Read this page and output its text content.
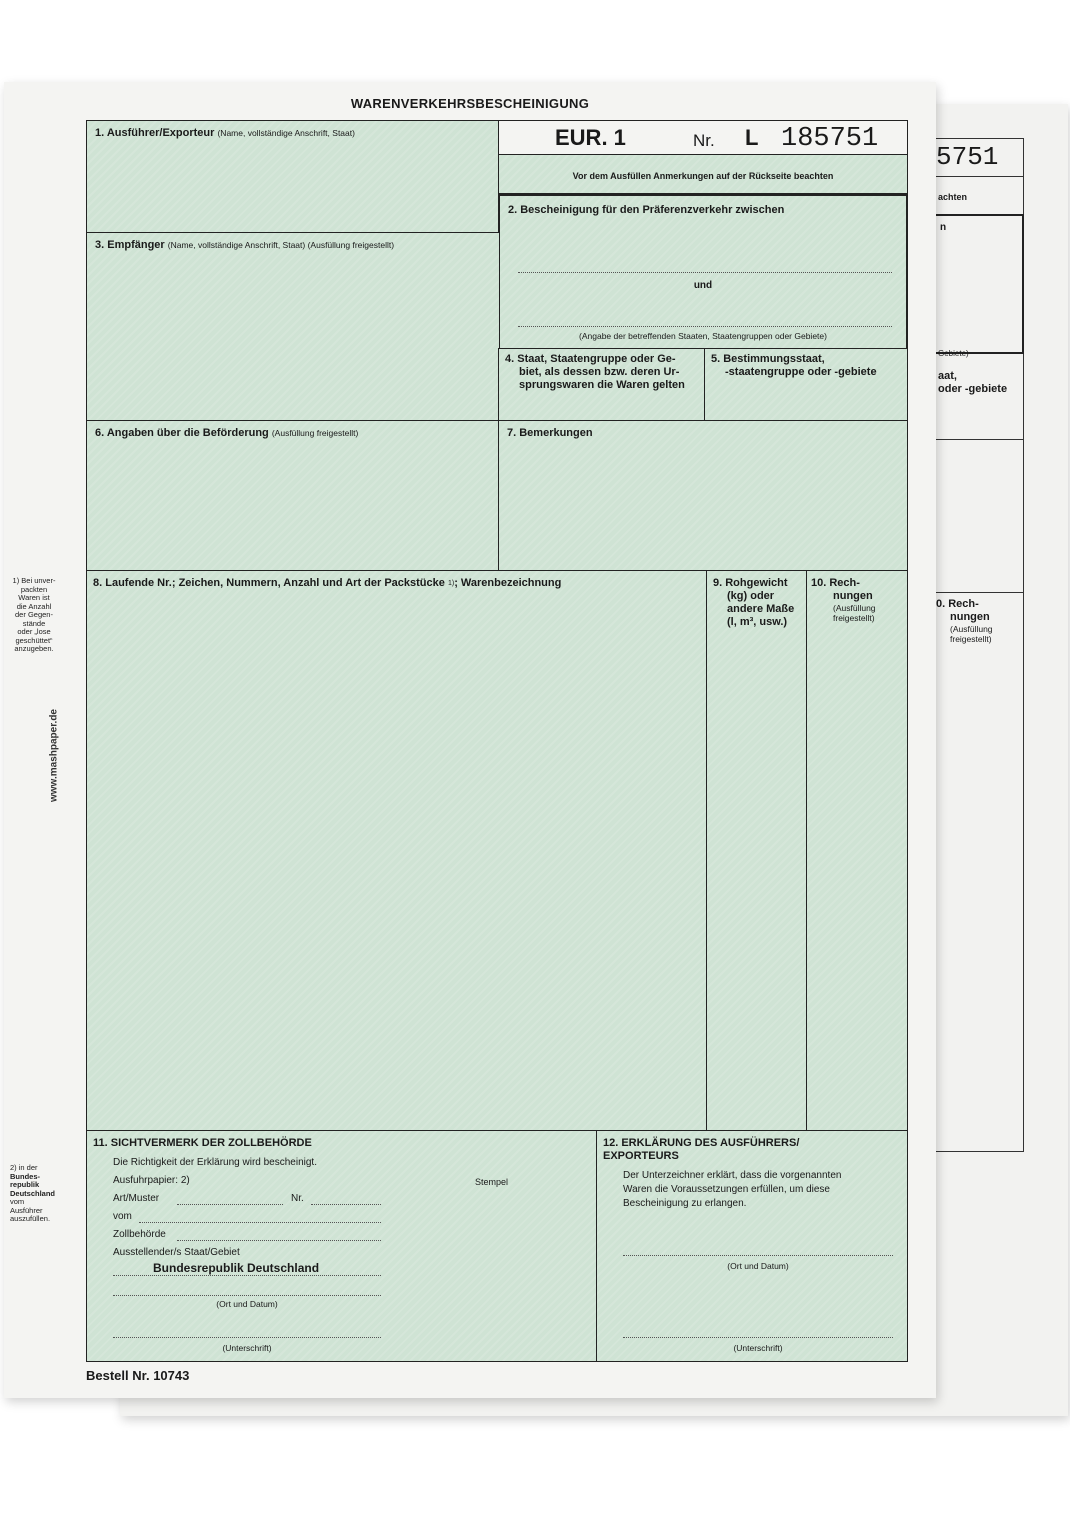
5751
achten
n
Gebiete)
aat,
oder -gebiete
0. Rech-
nungen
(Ausfüllung
freigestellt)
WARENVERKEHRSBESCHEINIGUNG
1. Ausführer/Exporteur (Name, vollständige Anschrift, Staat)	EUR. 1	Nr. L 185751
Vor dem Ausfüllen Anmerkungen auf der Rückseite beachten
2. Bescheinigung für den Präferenzverkehr zwischen
und
(Angabe der betreffenden Staaten, Staatengruppen oder Gebiete)
3. Empfänger (Name, vollständige Anschrift, Staat) (Ausfüllung freigestellt)
4. Staat, Staatengruppe oder Ge-
biet, als dessen bzw. deren Ur-
sprungswaren die Waren gelten
5. Bestimmungsstaat,
-staatengruppe oder -gebiete
6. Angaben über die Beförderung (Ausfüllung freigestellt)	7. Bemerkungen
8. Laufende Nr.; Zeichen, Nummern, Anzahl und Art der Packstücke $^{1)}$; Warenbezeichnung	9. Rohgewicht
(kg) oder
andere Maße
(l, m³, usw.)
10. Rech-
nungen
(Ausfüllung
freigestellt)
11. SICHTVERMERK DER ZOLLBEHÖRDE
Die Richtigkeit der Erklärung wird bescheinigt.
Ausfuhrpapier: 2)	Stempel
Art/Muster	Nr.
vom
Zollbehörde
Ausstellender/s Staat/Gebiet
Bundesrepublik Deutschland
(Ort und Datum)
(Unterschrift)
12. ERKLÄRUNG DES AUSFÜHRERS/
EXPORTEURS
Der Unterzeichner erklärt, dass die vorgenannten
Waren die Voraussetzungen erfüllen, um diese
Bescheinigung zu erlangen.
(Ort und Datum)
(Unterschrift)
1) Bei unver-
packten
Waren ist
die Anzahl
der Gegen-
stände
oder „lose
geschüttet“
anzugeben.
www.mashpaper.de
2) in der
Bundes-
republik
Deutschland
vom
Ausführer
auszufüllen.
Bestell Nr. 10743
